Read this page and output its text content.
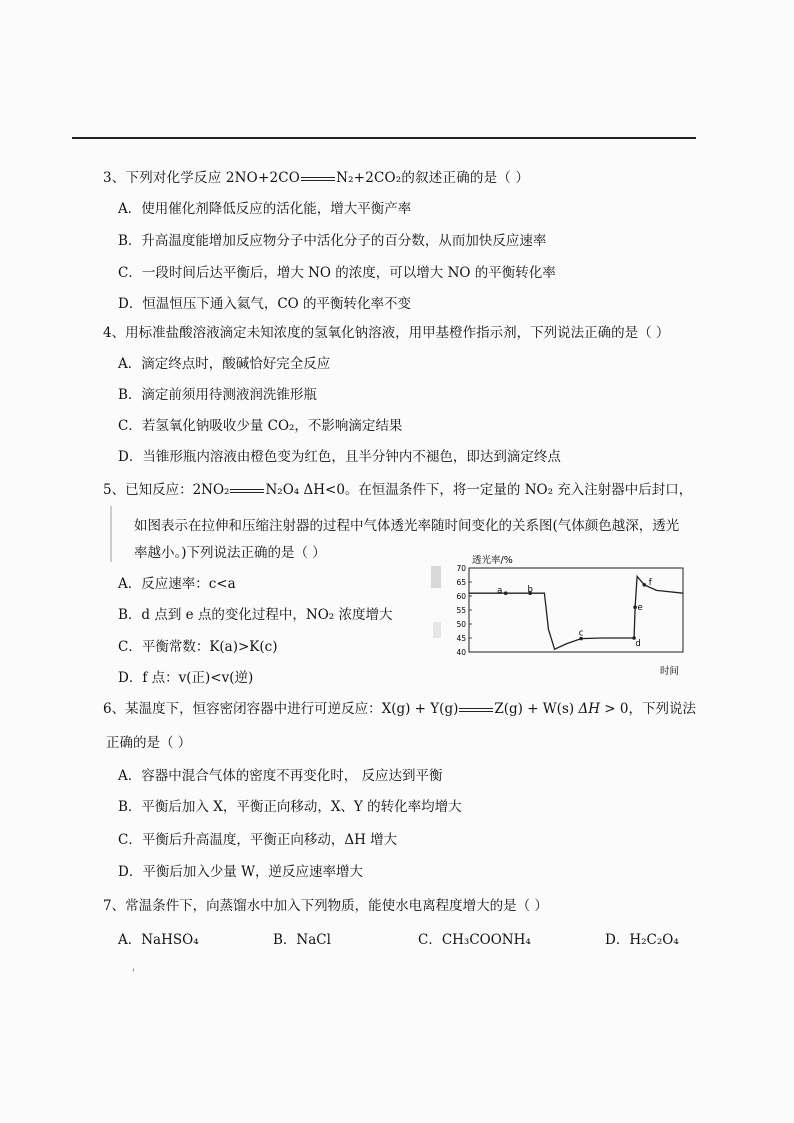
3、下列对化学反应 2NO+2CO	N₂+2CO₂的叙述正确的是（ ）
A．使用催化剂降低反应的活化能，增大平衡产率
B．升高温度能增加反应物分子中活化分子的百分数，从而加快反应速率
C．一段时间后达平衡后，增大 NO 的浓度，可以增大 NO 的平衡转化率
D．恒温恒压下通入氦气，CO 的平衡转化率不变
4、用标准盐酸溶液滴定未知浓度的氢氧化钠溶液，用甲基橙作指示剂，下列说法正确的是（ ）
A．滴定终点时，酸碱恰好完全反应
B．滴定前须用待测液润洗锥形瓶
C．若氢氧化钠吸收少量 CO₂，不影响滴定结果
D．当锥形瓶内溶液由橙色变为红色，且半分钟内不褪色，即达到滴定终点
5、已知反应：2NO₂	N₂O₄ ΔH<0。在恒温条件下，将一定量的 NO₂ 充入注射器中后封口，
如图表示在拉伸和压缩注射器的过程中气体透光率随时间变化的关系图(气体颜色越深，透光
率越小。)下列说法正确的是（ ）
A．反应速率：c<a
B．d 点到 e 点的变化过程中，NO₂ 浓度增大
C．平衡常数：K(a)>K(c)
D．f 点：v(正)<v(逆)
透光率/%
时间
40
45
50
55
60
65
70
a	b
c
d
e
f
6、某温度下，恒容密闭容器中进行可逆反应：X(g) + Y(g)	Z(g) + W(s) ΔH > 0，下列说法
正确的是（ ）
A．容器中混合气体的密度不再变化时， 反应达到平衡
B．平衡后加入 X，平衡正向移动，X、Y 的转化率均增大
C．平衡后升高温度，平衡正向移动，ΔH 增大
D．平衡后加入少量 W，逆反应速率增大
7、常温条件下，向蒸馏水中加入下列物质，能使水电离程度增大的是（ ）
A．NaHSO₄	B．NaCl	C．CH₃COONH₄	D．H₂C₂O₄
'
